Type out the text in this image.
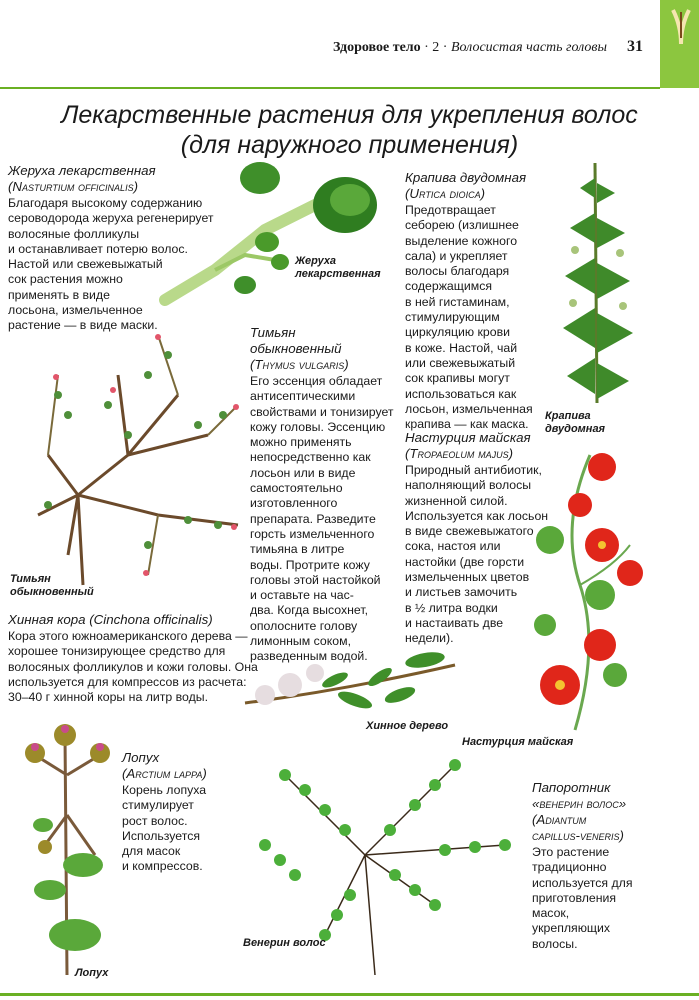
Здоровое тело · 2 · Волосистая часть головы 31
Лекарственные растения для укрепления волос
(для наружного применения)
Жеруха лекарственная
(Nasturtium officinalis)

Благодаря высокому содержанию
сероводорода жеруха регенерирует
волосяные фолликулы
и останавливает потерю волос.
Настой или свежевыжатый
сок растения можно
применять в виде
лосьона, измельченное
растение — в виде маски.

Жеруха
лекарственная
Тимьян
обыкновенный
Тимьян
обыкновенный
(Thymus vulgaris)

Его эссенция обладает
антисептическими
свойствами и тонизирует
кожу головы. Эссенцию
можно применять
непосредственно как
лосьон или в виде
самостоятельно
изготовленного
препарата. Разведите
горсть измельченного
тимьяна в литре
воды. Протрите кожу
головы этой настойкой
и оставьте на час-
два. Когда высохнет,
ополосните голову
лимонным соком,
разведенным водой.

Крапива двудомная
(Urtica dioica)

Предотвращает
себорею (излишнее
выделение кожного
сала) и укрепляет
волосы благодаря
содержащимся
в ней гистаминам,
стимулирующим
циркуляцию крови
в коже. Настой, чай
или свежевыжатый
сок крапивы могут
использоваться как
лосьон, измельченная
крапива — как маска.

Крапива
двудомная
Настурция майская
(Tropaeolum majus)

Природный антибиотик,
наполняющий волосы
жизненной силой.
Используется как лосьон
в виде свежевыжатого
сока, настоя или
настойки (две горсти
измельченных цветов
и листьев замочить
в ½ литра водки
и настаивать две
недели).

Настурция майская
Хинная кора (Cinchona officinalis)

Кора этого южноамериканского дерева —
хорошее тонизирующее средство для
волосяных фолликулов и кожи головы. Она
используется для компрессов из расчета:
30–40 г хинной коры на литр воды.

Хинное дерево
Лопух
Лопух
(Arctium lappa)

Корень лопуха
стимулирует
рост волос.
Используется
для масок
и компрессов.

Венерин волос
Папоротник
«венерин волос»
(Adiantum
capillus-veneris)

Это растение
традиционно
используется для
приготовления
масок,
укрепляющих
волосы.
